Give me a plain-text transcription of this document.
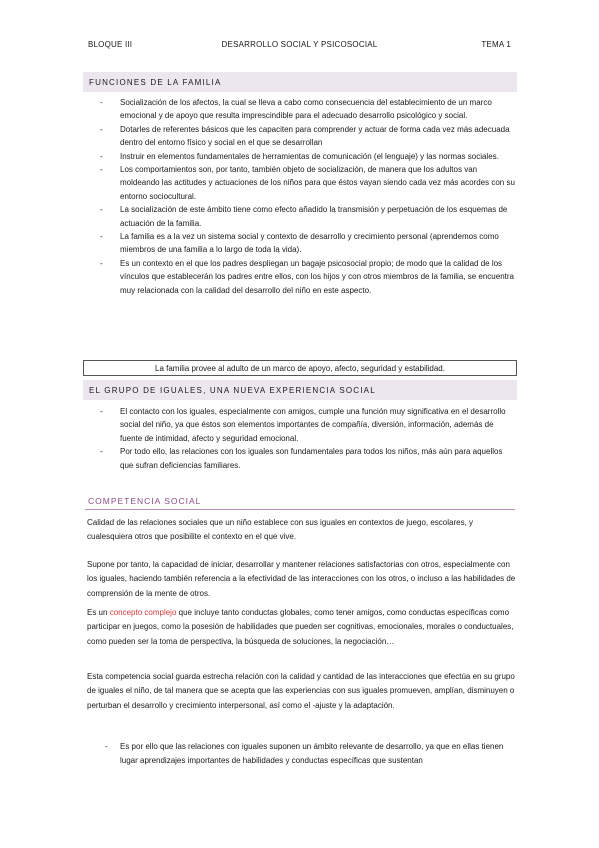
BLOQUE III	DESARROLLO SOCIAL Y PSICOSOCIAL	TEMA 1
FUNCIONES DE LA FAMILIA
- Socialización de los afectos, la cual se lleva a cabo como consecuencia del establecimiento de un marco emocional y de apoyo que resulta imprescindible para el adecuado desarrollo psicológico y social.
- Dotarles de referentes básicos que les capaciten para comprender y actuar de forma cada vez más adecuada dentro del entorno físico y social en el que se desarrollan
- Instruir en elementos fundamentales de herramientas de comunicación (el lenguaje) y las normas sociales.
- Los comportamientos son, por tanto, también objeto de socialización, de manera que los adultos van moldeando las actitudes y actuaciones de los niños para que éstos vayan siendo cada vez más acordes con su entorno sociocultural.
- La socialización de este ámbito tiene como efecto añadido la transmisión y perpetuación de los esquemas de actuación de la familia.
- La familia es a la vez un sistema social y contexto de desarrollo y crecimiento personal (aprendemos como miembros de una familia a lo largo de toda la vida).
- Es un contexto en el que los padres despliegan un bagaje psicosocial propio; de modo que la calidad de los vínculos que establecerán los padres entre ellos, con los hijos y con otros miembros de la familia, se encuentra muy relacionada con la calidad del desarrollo del niño en este aspecto.
La familia provee al adulto de un marco de apoyo, afecto, seguridad y estabilidad.
EL GRUPO DE IGUALES, UNA NUEVA EXPERIENCIA SOCIAL
- El contacto con los iguales, especialmente con amigos, cumple una función muy significativa en el desarrollo social del niño, ya que éstos son elementos importantes de compañía, diversión, información, además de fuente de intimidad, afecto y seguridad emocional.
- Por todo ello, las relaciones con los iguales son fundamentales para todos los niños, más aún para aquellos que sufran deficiencias familiares.
COMPETENCIA SOCIAL

Calidad de las relaciones sociales que un niño establece con sus iguales en contextos de juego, escolares, y cualesquiera otros que posibilite el contexto en el que vive.

Supone por tanto, la capacidad de iniciar, desarrollar y mantener relaciones satisfactorias con otros, especialmente con los iguales, haciendo también referencia a la efectividad de las interacciones con los otros, o incluso a las habilidades de comprensión de la mente de otros.

Es un concepto complejo que incluye tanto conductas globales, como tener amigos, como conductas específicas como participar en juegos, como la posesión de habilidades que pueden ser cognitivas, emocionales, morales o conductuales, como pueden ser la toma de perspectiva, la búsqueda de soluciones, la negociación…

Esta competencia social guarda estrecha relación con la calidad y cantidad de las interacciones que efectúa en su grupo de iguales el niño, de tal manera que se acepta que las experiencias con sus iguales promueven, amplían, disminuyen o perturban el desarrollo y crecimiento interpersonal, así como el -ajuste y la adaptación.

-	Es por ello que las relaciones con iguales suponen un ámbito relevante de desarrollo, ya que en ellas tienen lugar aprendizajes importantes de habilidades y conductas específicas que sustentan
